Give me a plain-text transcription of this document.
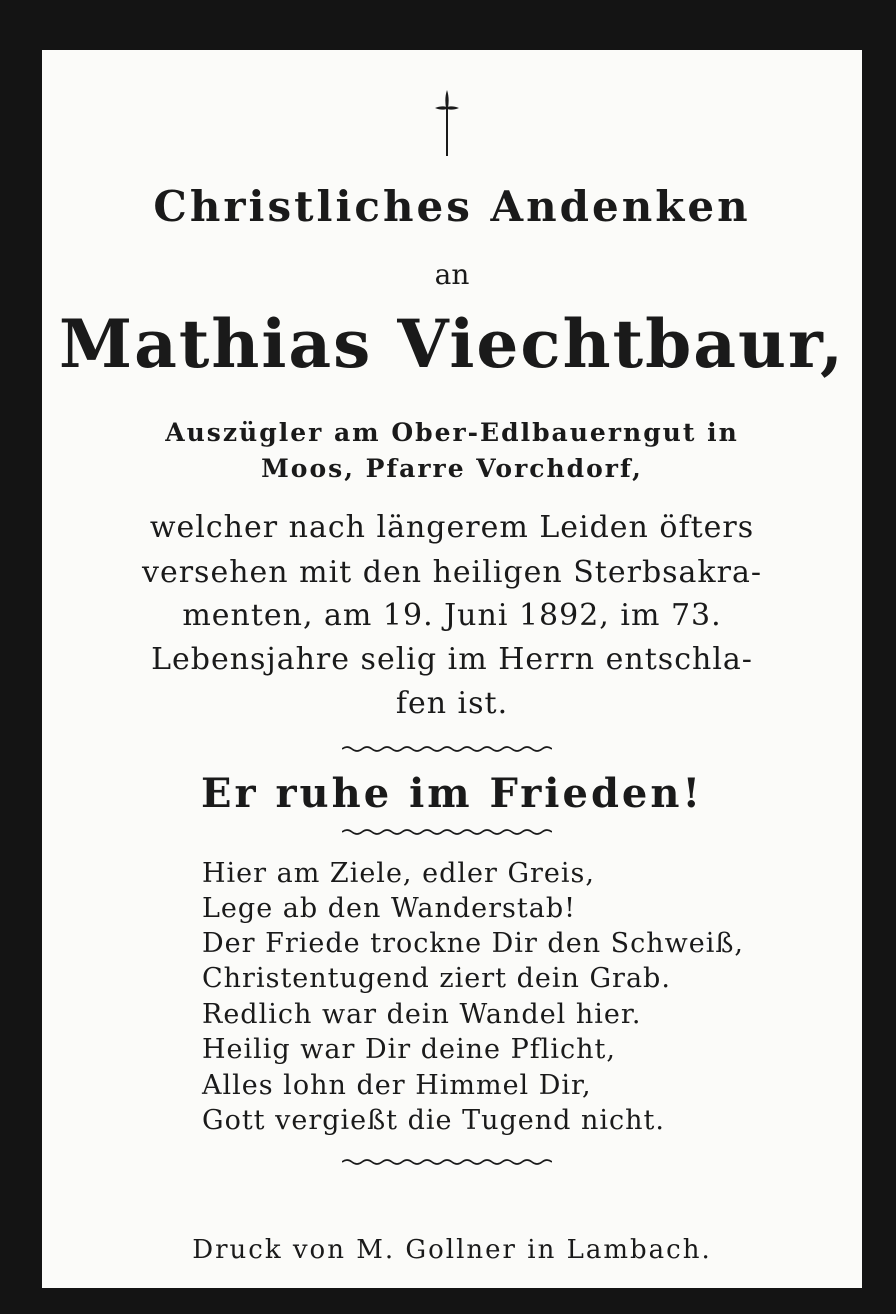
Christliches Andenken
an
Mathias Viechtbaur,
Auszügler am Ober-Edlbauerngut in
Moos, Pfarre Vorchdorf,
welcher nach längerem Leiden öfters
versehen mit den heiligen Sterbsakra-
menten, am 19. Juni 1892, im 73.
Lebensjahre selig im Herrn entschla-
fen ist.
Er ruhe im Frieden!
Hier am Ziele, edler Greis,
Lege ab den Wanderstab!
Der Friede trockne Dir den Schweiß,
Christentugend ziert dein Grab.
Redlich war dein Wandel hier.
Heilig war Dir deine Pflicht,
Alles lohn der Himmel Dir,
Gott vergießt die Tugend nicht.
Druck von M. Gollner in Lambach.
